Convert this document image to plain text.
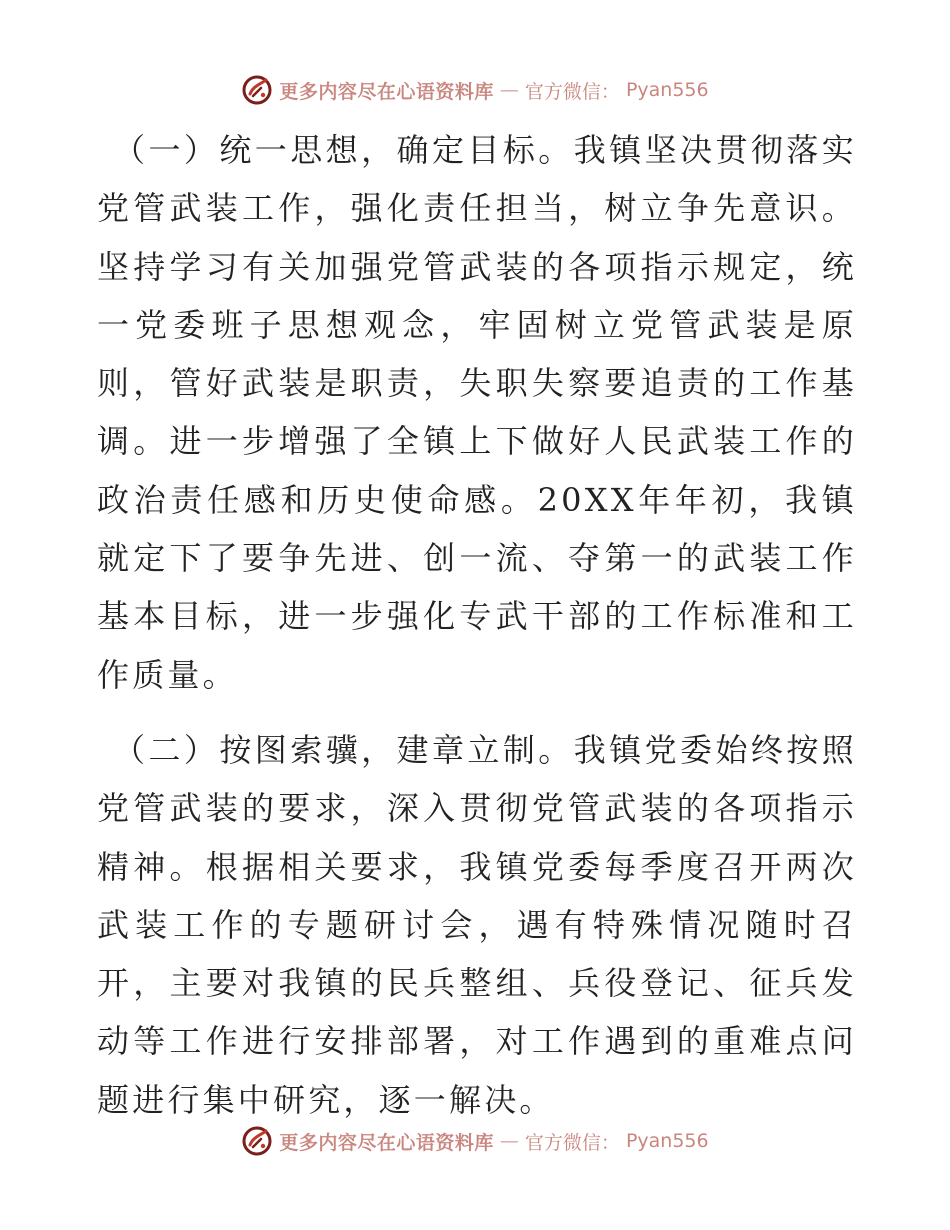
更多内容尽在心语资料库 — 官方微信： Pyan556

（一）统一思想，确定目标。我镇坚决贯彻落实党管武装工作，强化责任担当，树立争先意识。坚持学习有关加强党管武装的各项指示规定，统一党委班子思想观念，牢固树立党管武装是原则，管好武装是职责，失职失察要追责的工作基调。进一步增强了全镇上下做好人民武装工作的政治责任感和历史使命感。20XX年年初，我镇就定下了要争先进、创一流、夺第一的武装工作基本目标，进一步强化专武干部的工作标准和工作质量。

（二）按图索骥，建章立制。我镇党委始终按照党管武装的要求，深入贯彻党管武装的各项指示精神。根据相关要求，我镇党委每季度召开两次武装工作的专题研讨会，遇有特殊情况随时召开，主要对我镇的民兵整组、兵役登记、征兵发动等工作进行安排部署，对工作遇到的重难点问题进行集中研究，逐一解决。

更多内容尽在心语资料库 — 官方微信： Pyan556
